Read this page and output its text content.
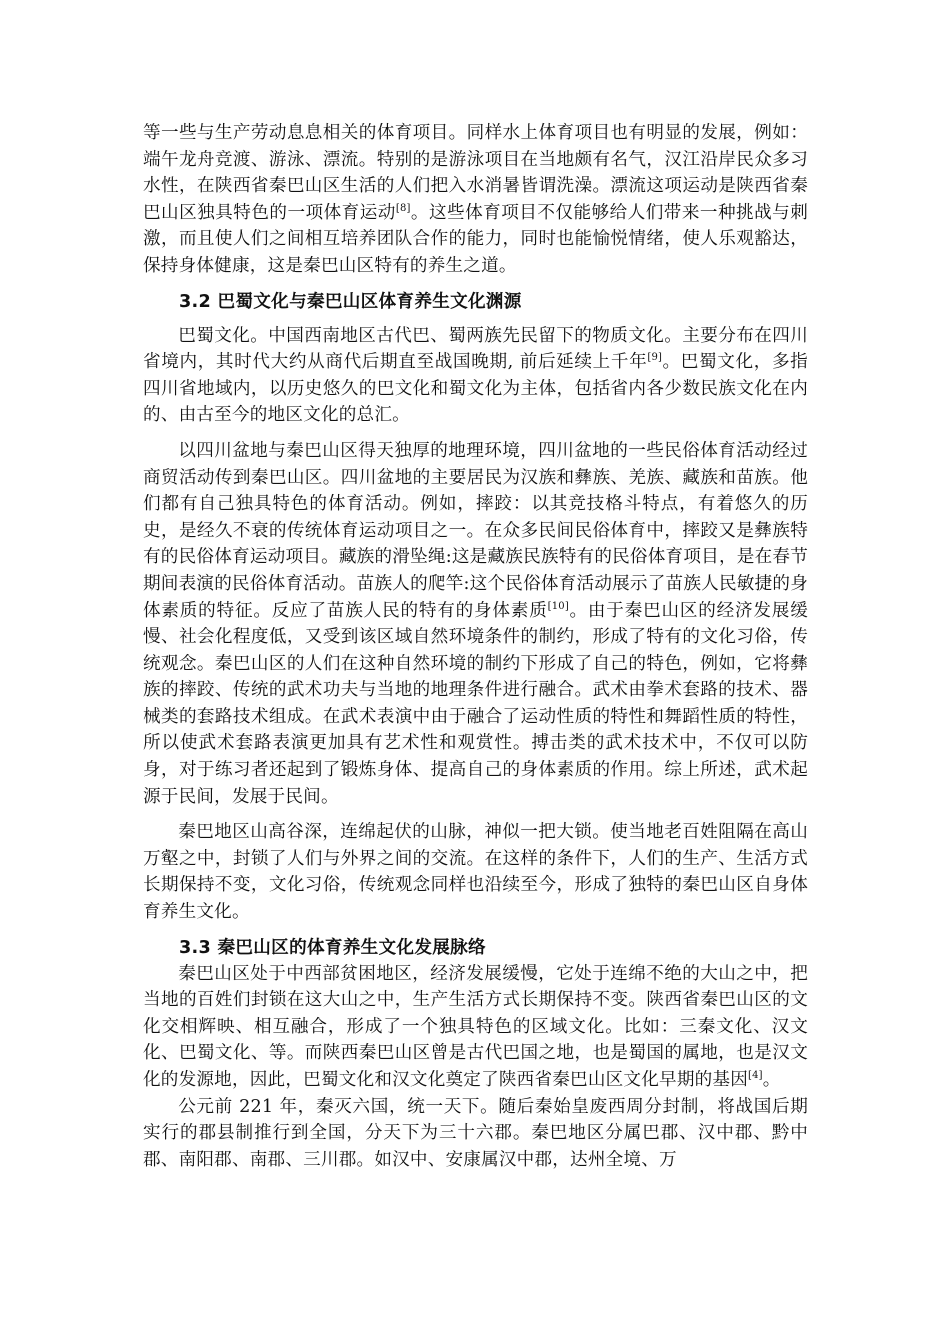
等一些与生产劳动息息相关的体育项目。同样水上体育项目也有明显的发展，例如：端午龙舟竞渡、游泳、漂流。特别的是游泳项目在当地颇有名气，汉江沿岸民众多习水性，在陕西省秦巴山区生活的人们把入水消暑皆谓洗澡。漂流这项运动是陕西省秦巴山区独具特色的一项体育运动[8]。这些体育项目不仅能够给人们带来一种挑战与刺激，而且使人们之间相互培养团队合作的能力，同时也能愉悦情绪，使人乐观豁达，保持身体健康，这是秦巴山区特有的养生之道。

3.2 巴蜀文化与秦巴山区体育养生文化渊源

巴蜀文化。中国西南地区古代巴、蜀两族先民留下的物质文化。主要分布在四川省境内，其时代大约从商代后期直至战国晚期, 前后延续上千年[9]。巴蜀文化，多指四川省地域内，以历史悠久的巴文化和蜀文化为主体，包括省内各少数民族文化在内的、由古至今的地区文化的总汇。

以四川盆地与秦巴山区得天独厚的地理环境，四川盆地的一些民俗体育活动经过商贸活动传到秦巴山区。四川盆地的主要居民为汉族和彝族、羌族、藏族和苗族。他们都有自己独具特色的体育活动。例如，摔跤：以其竞技格斗特点，有着悠久的历史，是经久不衰的传统体育运动项目之一。在众多民间民俗体育中，摔跤又是彝族特有的民俗体育运动项目。藏族的滑坠绳:这是藏族民族特有的民俗体育项目，是在春节期间表演的民俗体育活动。苗族人的爬竿:这个民俗体育活动展示了苗族人民敏捷的身体素质的特征。反应了苗族人民的特有的身体素质[10]。由于秦巴山区的经济发展缓慢、社会化程度低，又受到该区域自然环境条件的制约，形成了特有的文化习俗，传统观念。秦巴山区的人们在这种自然环境的制约下形成了自己的特色，例如，它将彝族的摔跤、传统的武术功夫与当地的地理条件进行融合。武术由拳术套路的技术、器械类的套路技术组成。在武术表演中由于融合了运动性质的特性和舞蹈性质的特性，所以使武术套路表演更加具有艺术性和观赏性。搏击类的武术技术中，不仅可以防身，对于练习者还起到了锻炼身体、提高自己的身体素质的作用。综上所述，武术起源于民间，发展于民间。

秦巴地区山高谷深，连绵起伏的山脉，神似一把大锁。使当地老百姓阻隔在高山万壑之中，封锁了人们与外界之间的交流。在这样的条件下，人们的生产、生活方式长期保持不变，文化习俗，传统观念同样也沿续至今，形成了独特的秦巴山区自身体育养生文化。

3.3 秦巴山区的体育养生文化发展脉络

秦巴山区处于中西部贫困地区，经济发展缓慢，它处于连绵不绝的大山之中，把当地的百姓们封锁在这大山之中，生产生活方式长期保持不变。陕西省秦巴山区的文化交相辉映、相互融合，形成了一个独具特色的区域文化。比如：三秦文化、汉文化、巴蜀文化、等。而陕西秦巴山区曾是古代巴国之地，也是蜀国的属地，也是汉文化的发源地，因此，巴蜀文化和汉文化奠定了陕西省秦巴山区文化早期的基因[4]。

公元前 221 年，秦灭六国，统一天下。随后秦始皇废西周分封制，将战国后期实行的郡县制推行到全国，分天下为三十六郡。秦巴地区分属巴郡、汉中郡、黔中郡、南阳郡、南郡、三川郡。如汉中、安康属汉中郡，达州全境、万
